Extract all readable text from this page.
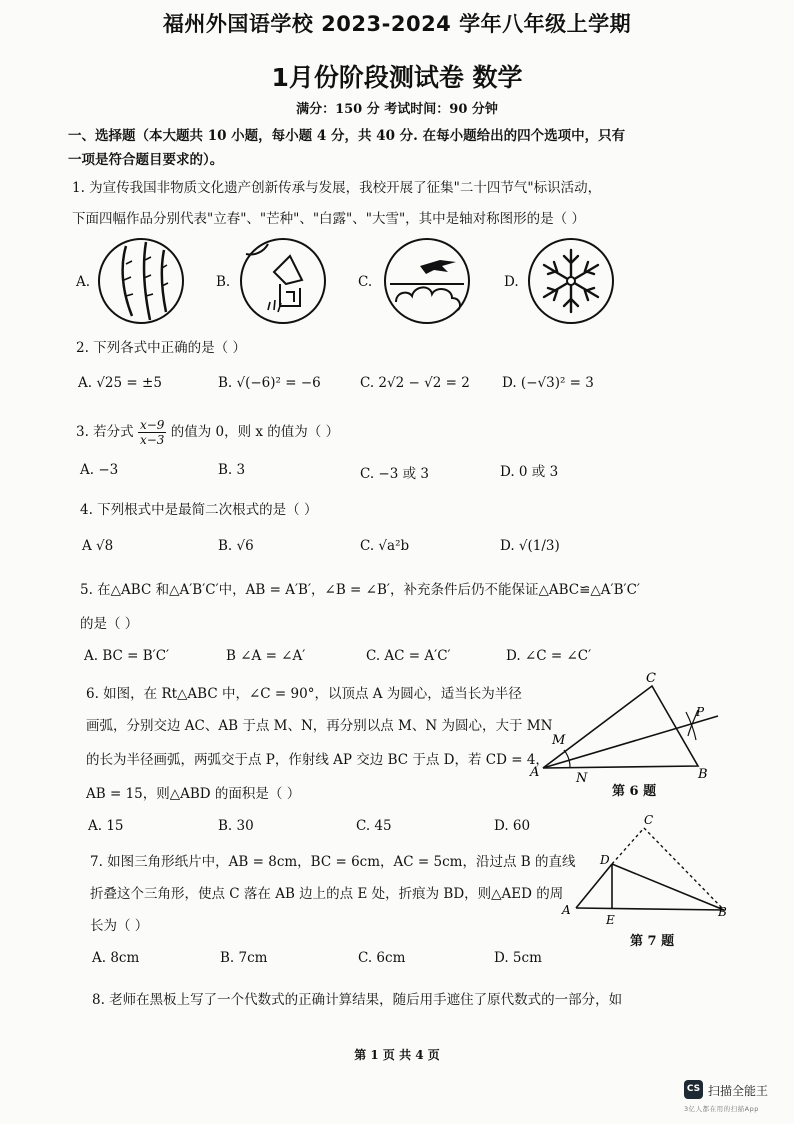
福州外国语学校 2023-2024 学年八年级上学期
1月份阶段测试卷 数学
满分：150 分 考试时间：90 分钟
一、选择题（本大题共 10 小题，每小题 4 分，共 40 分. 在每小题给出的四个选项中，只有
一项是符合题目要求的）。
1. 为宣传我国非物质文化遗产创新传承与发展，我校开展了征集"二十四节气"标识活动，
下面四幅作品分别代表"立春"、"芒种"、"白露"、"大雪"，其中是轴对称图形的是（ ）
A.	B.	C.	D.
2. 下列各式中正确的是（ ）
A. √25 = ±5	B. √(−6)² = −6	C. 2√2 − √2 = 2 D. (−√3)² = 3
3. 若分式 $\frac{x-9}{x-3}$ 的值为 0，则 x 的值为（ ）
A. −3	B. 3	C. −3 或 3	D. 0 或 3
4. 下列根式中是最简二次根式的是（ ）
A √8	B. √6	C. √a²b	D. √(1/3)
5. 在△ABC 和△A′B′C′中，AB = A′B′，∠B = ∠B′，补充条件后仍不能保证△ABC≌△A′B′C′
的是（ ）
A. BC = B′C′	B ∠A = ∠A′	C. AC = A′C′	D. ∠C = ∠C′
6. 如图，在 Rt△ABC 中，∠C = 90°，以顶点 A 为圆心，适当长为半径
画弧，分别交边 AC、AB 于点 M、N，再分别以点 M、N 为圆心，大于 MN
的长为半径画弧，两弧交于点 P，作射线 AP 交边 BC 于点 D，若 CD = 4，
AB = 15，则△ABD 的面积是（ ）
A. 15	B. 30	C. 45	D. 60
A	B
C
M
N
P
第 6 题
7. 如图三角形纸片中，AB = 8cm，BC = 6cm，AC = 5cm，沿过点 B 的直线
折叠这个三角形，使点 C 落在 AB 边上的点 E 处，折痕为 BD，则△AED 的周
长为（ ）
A. 8cm	B. 7cm	C. 6cm	D. 5cm
A	B
C
D
E
第 7 题
8. 老师在黑板上写了一个代数式的正确计算结果，随后用手遮住了原代数式的一部分，如
第 1 页 共 4 页
CS 扫描全能王
3亿人都在用的扫描App
